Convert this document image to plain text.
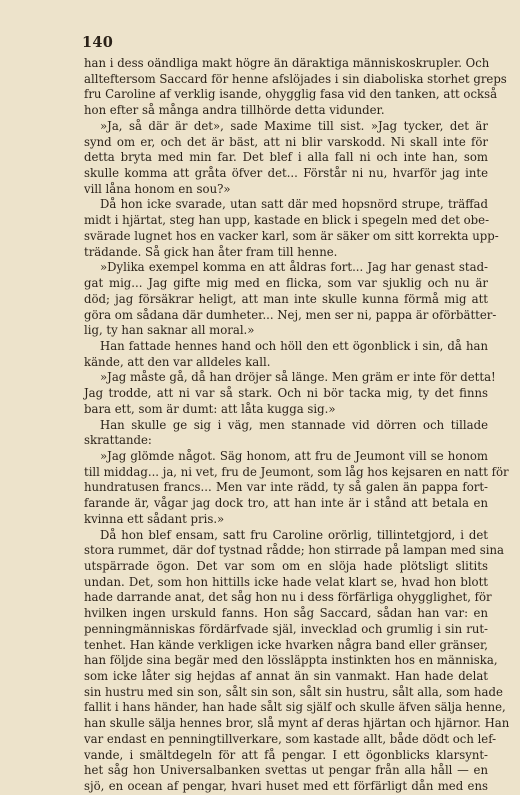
140
han i dess oändliga makt högre än däraktiga människoskrupler. Och
allteftersom Saccard för henne afslöjades i sin diaboliska storhet greps
fru Caroline af verklig isande, ohygglig fasa vid den tanken, att också
hon efter så många andra tillhörde detta vidunder.
»Ja, så där är det», sade Maxime till sist. »Jag tycker, det är
synd om er, och det är bäst, att ni blir varskodd. Ni skall inte för
detta bryta med min far. Det blef i alla fall ni och inte han, som
skulle komma att gråta öfver det... Förstår ni nu, hvarför jag inte
vill låna honom en sou?»
Då hon icke svarade, utan satt där med hopsnörd strupe, träffad
midt i hjärtat, steg han upp, kastade en blick i spegeln med det obe-
svärade lugnet hos en vacker karl, som är säker om sitt korrekta upp-
trädande. Så gick han åter fram till henne.
»Dylika exempel komma en att åldras fort... Jag har genast stad-
gat mig... Jag gifte mig med en flicka, som var sjuklig och nu är
död; jag försäkrar heligt, att man inte skulle kunna förmå mig att
göra om sådana där dumheter... Nej, men ser ni, pappa är oförbätter-
lig, ty han saknar all moral.»
Han fattade hennes hand och höll den ett ögonblick i sin, då han
kände, att den var alldeles kall.
»Jag måste gå, då han dröjer så länge. Men gräm er inte för detta!
Jag trodde, att ni var så stark. Och ni bör tacka mig, ty det finns
bara ett, som är dumt: att låta kugga sig.»
Han skulle ge sig i väg, men stannade vid dörren och tillade
skrattande:
»Jag glömde något. Säg honom, att fru de Jeumont vill se honom
till middag... ja, ni vet, fru de Jeumont, som låg hos kejsaren en natt för
hundratusen francs... Men var inte rädd, ty så galen än pappa fort-
farande är, vågar jag dock tro, att han inte är i stånd att betala en
kvinna ett sådant pris.»
Då hon blef ensam, satt fru Caroline orörlig, tillintetgjord, i det
stora rummet, där dof tystnad rådde; hon stirrade på lampan med sina
utspärrade ögon. Det var som om en slöja hade plötsligt slitits
undan. Det, som hon hittills icke hade velat klart se, hvad hon blott
hade darrande anat, det såg hon nu i dess förfärliga ohygglighet, för
hvilken ingen urskuld fanns. Hon såg Saccard, sådan han var: en
penningmänniskas fördärfvade själ, invecklad och grumlig i sin rut-
tenhet. Han kände verkligen icke hvarken några band eller gränser,
han följde sina begär med den lössläppta instinkten hos en människa,
som icke låter sig hejdas af annat än sin vanmakt. Han hade delat
sin hustru med sin son, sålt sin son, sålt sin hustru, sålt alla, som hade
fallit i hans händer, han hade sålt sig själf och skulle äfven sälja henne,
han skulle sälja hennes bror, slå mynt af deras hjärtan och hjärnor. Han
var endast en penningtillverkare, som kastade allt, både dödt och lef-
vande, i smältdegeln för att få pengar. I ett ögonblicks klarsynt-
het såg hon Universalbanken svettas ut pengar från alla håll — en
sjö, en ocean af pengar, hvari huset med ett förfärligt dån med ens
